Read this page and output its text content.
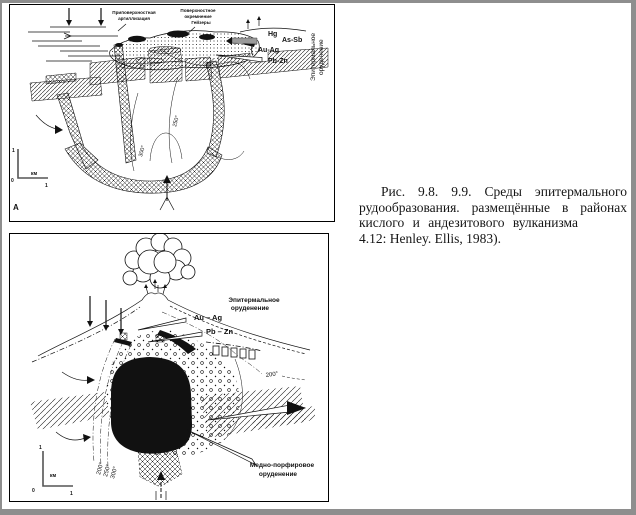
1
0
км
1
Приповерхностная
аргиллизация
Поверхностное
окремнение
Гейзеры
Hg
As-Sb
{ Au-Ag
Pb-Zn	Эпитермальное оруденение
200°
250°
300°
А
1
0
км
1
Эпитермальное
оруденение
Au – Ag
Pb – Zn
200°
Медно-порфировое
оруденение
200°
250°
300°
Рис. 9.8. 9.9. Среды эпитермального
рудообразования. размещённые в районах
кислого и андезитового вулканизма
4.12: Henley. Ellis, 1983).
